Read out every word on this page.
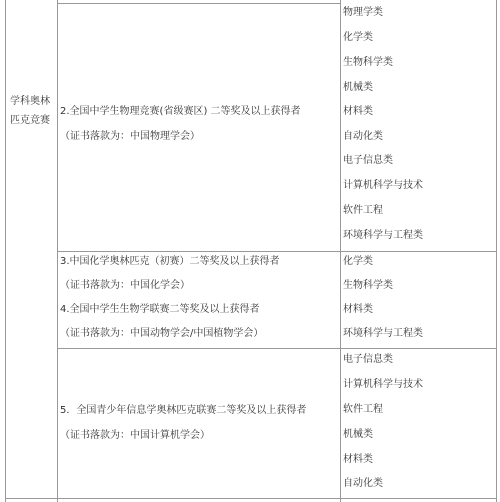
学科奥林
匹克竞赛
2.全国中学生物理竞赛(省级赛区) 二等奖及以上获得者
（证书落款为：中国物理学会）
物理学类
化学类
生物科学类
机械类
材料类
自动化类
电子信息类
计算机科学与技术
软件工程
环境科学与工程类
3.中国化学奥林匹克（初赛）二等奖及以上获得者
（证书落款为：中国化学会）
4.全国中学生生物学联赛二等奖及以上获得者
（证书落款为：中国动物学会/中国植物学会）
化学类
生物科学类
材料类
环境科学与工程类
5．全国青少年信息学奥林匹克联赛二等奖及以上获得者
（证书落款为：中国计算机学会）
电子信息类
计算机科学与技术
软件工程
机械类
材料类
自动化类
